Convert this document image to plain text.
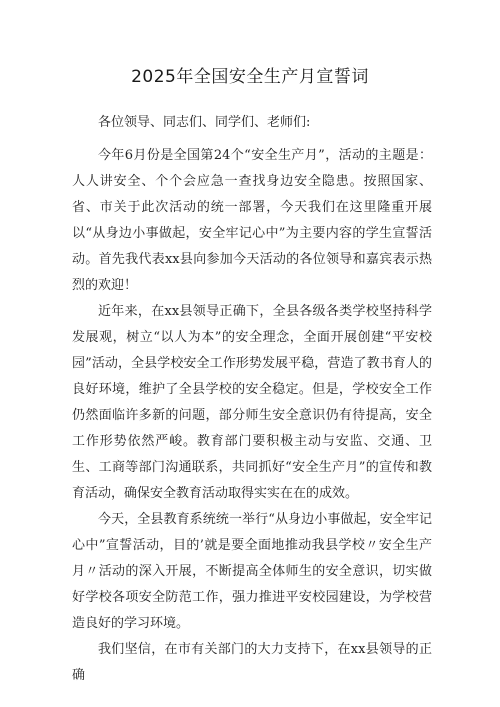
2025年全国安全生产月宣誓词

各位领导、同志们、同学们、老师们:

今年6月份是全国第24个“安全生产月”，活动的主题是：人人讲安全、个个会应急一查找身边安全隐患。按照国家、省、市关于此次活动的统一部署，今天我们在这里隆重开展以“从身边小事做起，安全牢记心中”为主要内容的学生宣誓活动。首先我代表xx县向参加今天活动的各位领导和嘉宾表示热烈的欢迎！

近年来，在xx县领导正确下，全县各级各类学校坚持科学发展观，树立“以人为本”的安全理念，全面开展创建“平安校园”活动，全县学校安全工作形势发展平稳，营造了教书育人的良好环境，维护了全县学校的安全稳定。但是，学校安全工作仍然面临许多新的问题，部分师生安全意识仍有待提高，安全工作形势依然严峻。教育部门要积极主动与安监、交通、卫生、工商等部门沟通联系，共同抓好“安全生产月”的宣传和教育活动，确保安全教育活动取得实实在在的成效。

今天，全县教育系统统一举行“从身边小事做起，安全牢记心中”宣誓活动，目的’就是要全面地推动我县学校〃安全生产月〃活动的深入开展，不断提高全体师生的安全意识，切实做好学校各项安全防范工作，强力推进平安校园建设，为学校营造良好的学习环境。

我们坚信，在市有关部门的大力支持下，在xx县领导的正确
